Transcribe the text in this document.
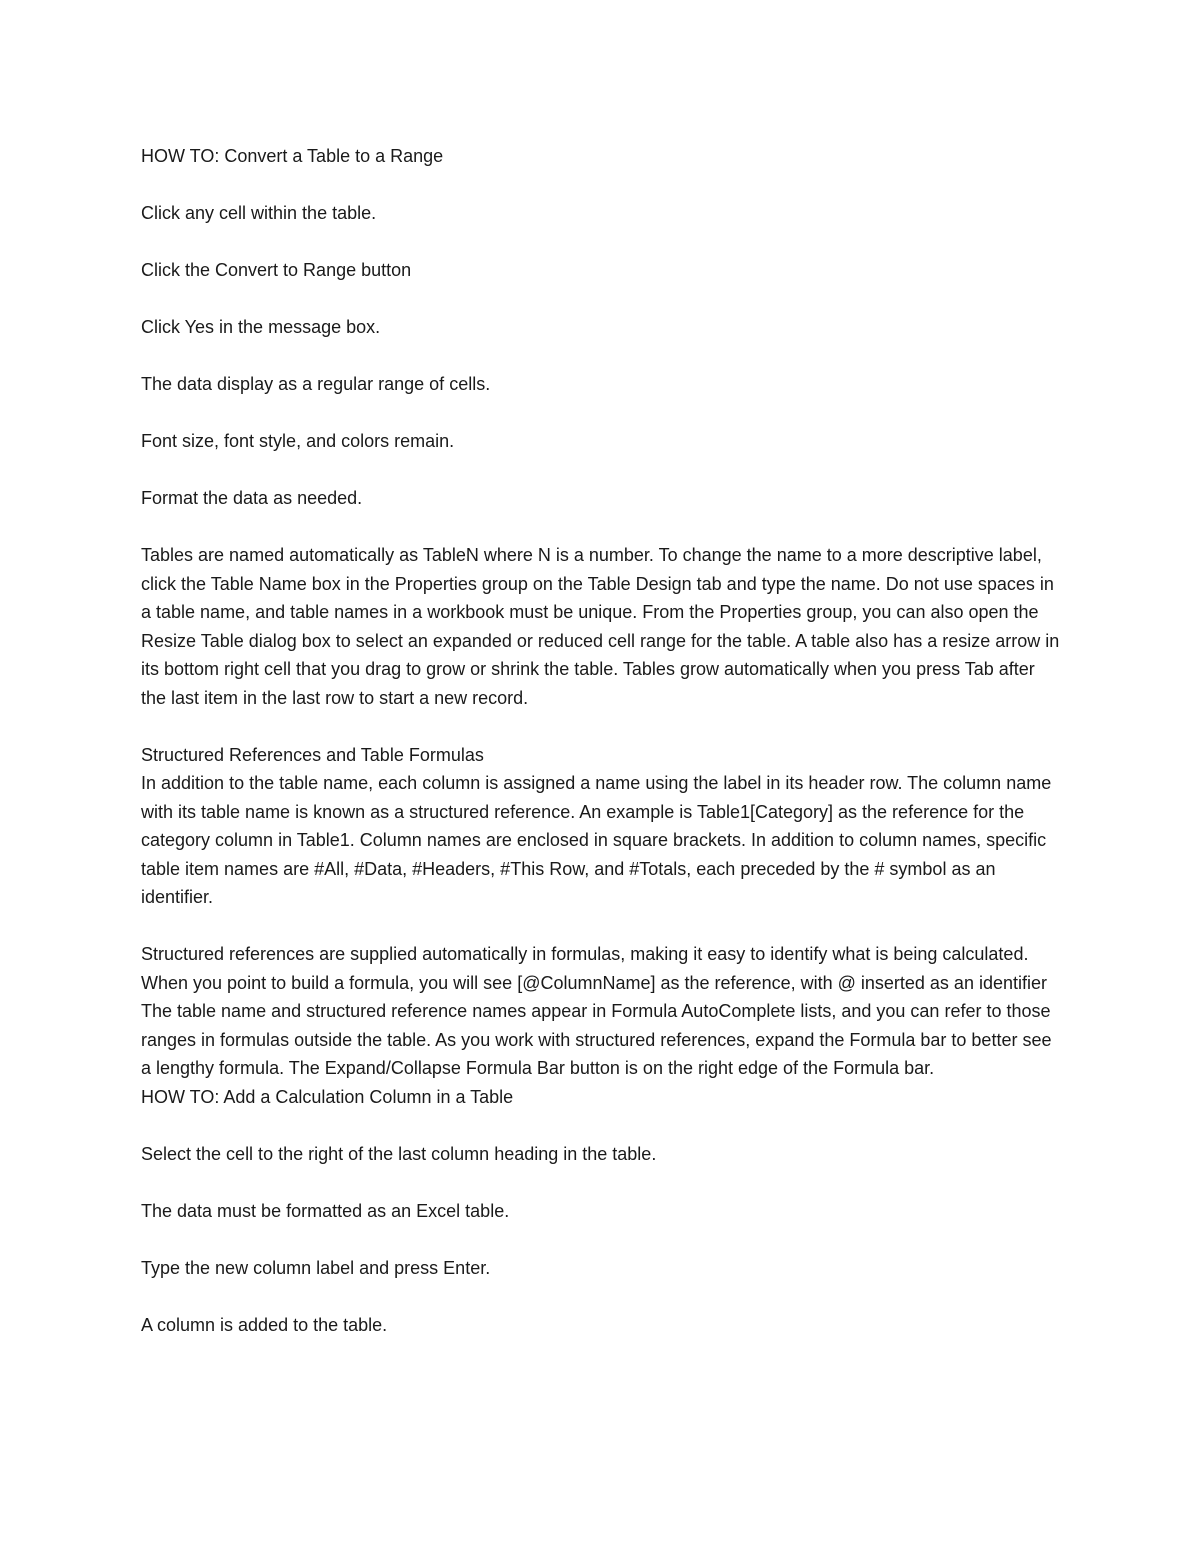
HOW TO: Convert a Table to a Range

Click any cell within the table.

Click the Convert to Range button

Click Yes in the message box.

The data display as a regular range of cells.

Font size, font style, and colors remain.

Format the data as needed.

Tables are named automatically as TableN where N is a number. To change the name to a more descriptive label, click the Table Name box in the Properties group on the Table Design tab and type the name. Do not use spaces in a table name, and table names in a workbook must be unique. From the Properties group, you can also open the Resize Table dialog box to select an expanded or reduced cell range for the table. A table also has a resize arrow in its bottom right cell that you drag to grow or shrink the table. Tables grow automatically when you press Tab after the last item in the last row to start a new record.

Structured References and Table Formulas

In addition to the table name, each column is assigned a name using the label in its header row. The column name with its table name is known as a structured reference. An example is Table1[Category] as the reference for the category column in Table1. Column names are enclosed in square brackets. In addition to column names, specific table item names are #All, #Data, #Headers, #This Row, and #Totals, each preceded by the # symbol as an identifier.

Structured references are supplied automatically in formulas, making it easy to identify what is being calculated. When you point to build a formula, you will see [@ColumnName] as the reference, with @ inserted as an identifier The table name and structured reference names appear in Formula AutoComplete lists, and you can refer to those ranges in formulas outside the table. As you work with structured references, expand the Formula bar to better see a lengthy formula. The Expand/Collapse Formula Bar button is on the right edge of the Formula bar.

HOW TO: Add a Calculation Column in a Table

Select the cell to the right of the last column heading in the table.

The data must be formatted as an Excel table.

Type the new column label and press Enter.

A column is added to the table.
